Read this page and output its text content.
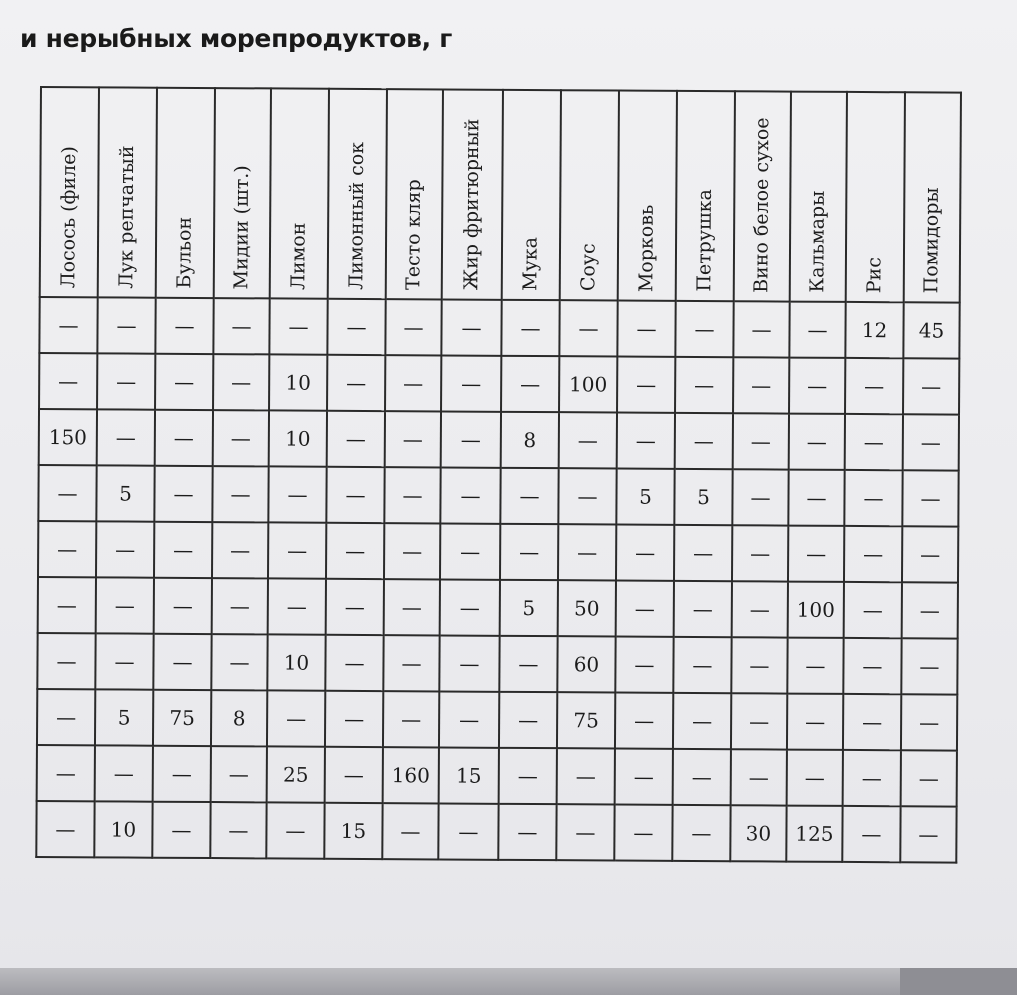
и нерыбных морепродуктов, г
Лосось (филе)	Лук репчатый	Бульон	Мидии (шт.)	Лимон	Лимонный сок	Тесто кляр	Жир фритюрный	Мука	Соус	Морковь	Петрушка	Вино белое сухое	Кальмары	Рис	Помидоры

—	—	—	—	—	—	—	—	—	—	—	—	—	—	12	45
—	—	—	—	10	—	—	—	—	100	—	—	—	—	—	—
150	—	—	—	10	—	—	—	8	—	—	—	—	—	—	—
—	5	—	—	—	—	—	—	—	—	5	5	—	—	—	—
—	—	—	—	—	—	—	—	—	—	—	—	—	—	—	—
—	—	—	—	—	—	—	—	5	50	—	—	—	100	—	—
—	—	—	—	10	—	—	—	—	60	—	—	—	—	—	—
—	5	75	8	—	—	—	—	—	75	—	—	—	—	—	—
—	—	—	—	25	—	160	15	—	—	—	—	—	—	—	—
—	10	—	—	—	15	—	—	—	—	—	—	30	125	—	—
